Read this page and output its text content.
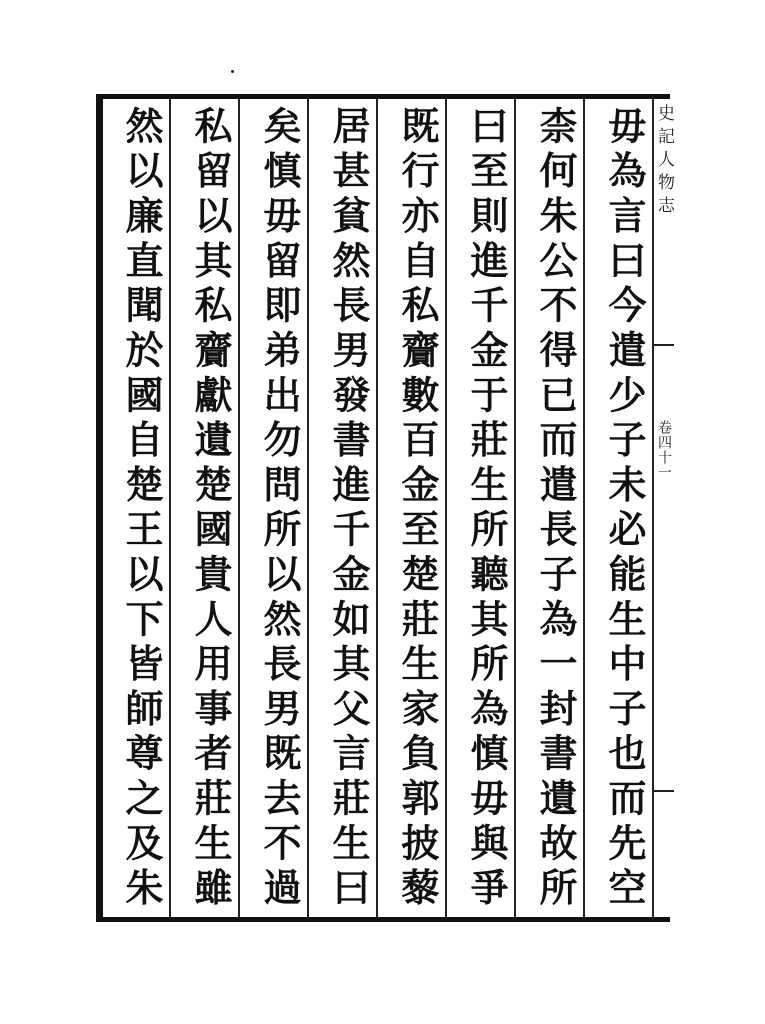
史記人物志
卷四十一
毋為言曰今遣少子未必能生中子也而先空
柰何朱公不得已而遣長子為一封書遺故所
曰至則進千金于莊生所聽其所為慎毋與爭
既行亦自私齎數百金至楚莊生家負郭披藜
居甚貧然長男發書進千金如其父言莊生曰
矣慎毋留即弟出勿問所以然長男既去不過
私留以其私齎獻遺楚國貴人用事者莊生雖
然以廉直聞於國自楚王以下皆師尊之及朱
